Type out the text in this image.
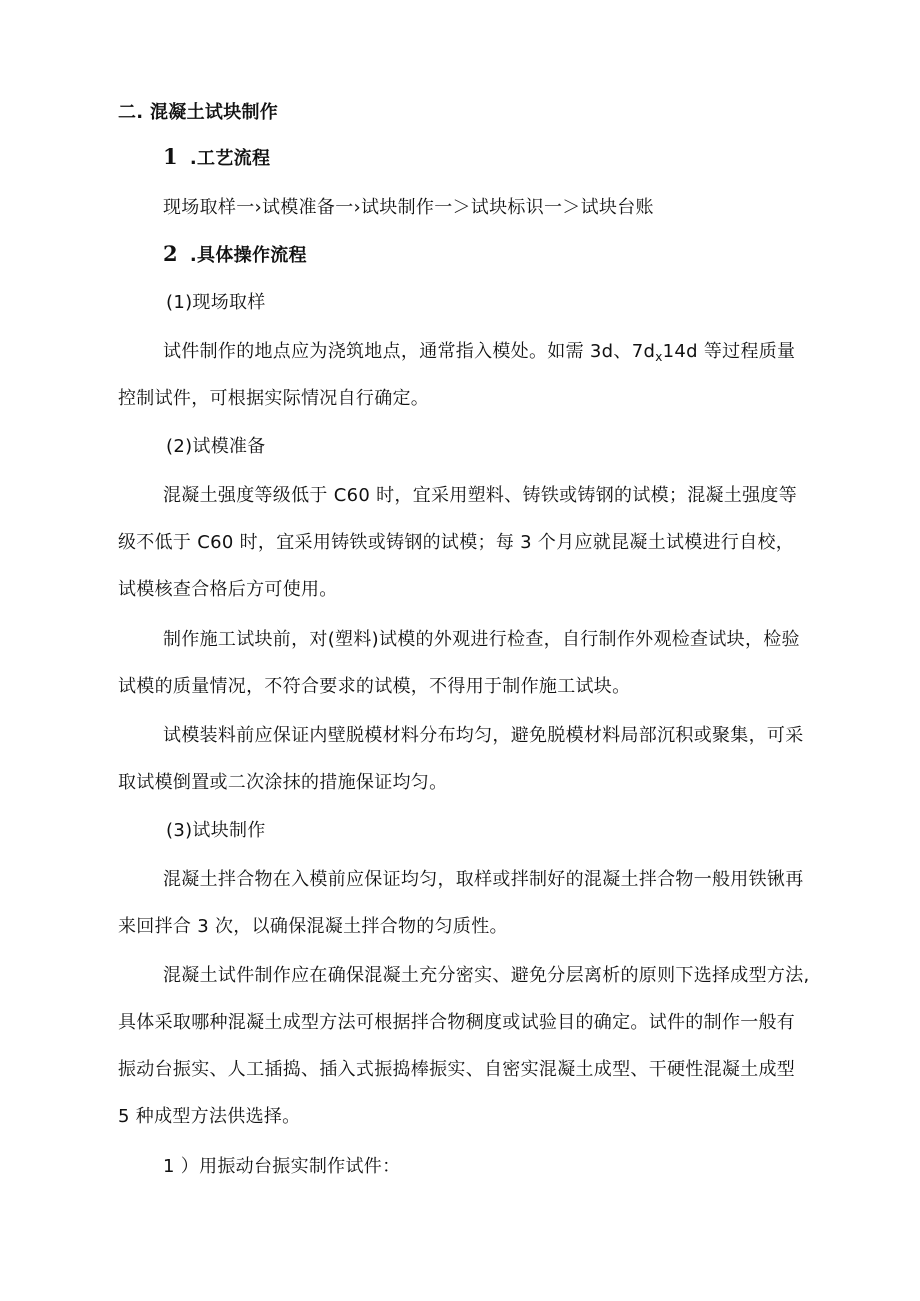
二. 混凝土试块制作
1 .工艺流程
现场取样一›试模准备一›试块制作一＞试块标识一＞试块台账
2 .具体操作流程
(1)现场取样
试件制作的地点应为浇筑地点，通常指入模处。如需 3d、$7d_x14d$ 等过程质量
控制试件，可根据实际情况自行确定。
(2)试模准备
混凝土强度等级低于 C60 时，宜采用塑料、铸铁或铸钢的试模；混凝土强度等
级不低于 C60 时，宜采用铸铁或铸钢的试模；每 3 个月应就昆凝土试模进行自校，
试模核查合格后方可使用。
制作施工试块前，对(塑料)试模的外观进行检查，自行制作外观检查试块，检验
试模的质量情况，不符合要求的试模，不得用于制作施工试块。
试模装料前应保证内壁脱模材料分布均匀，避免脱模材料局部沉积或聚集，可采
取试模倒置或二次涂抹的措施保证均匀。
(3)试块制作
混凝土拌合物在入模前应保证均匀，取样或拌制好的混凝土拌合物一般用铁锹再
来回拌合 3 次，以确保混凝土拌合物的匀质性。
混凝土试件制作应在确保混凝土充分密实、避免分层离析的原则下选择成型方法,
具体采取哪种混凝土成型方法可根据拌合物稠度或试验目的确定。试件的制作一般有
振动台振实、人工插捣、插入式振捣棒振实、自密实混凝土成型、干硬性混凝土成型
5 种成型方法供选择。
1 ）用振动台振实制作试件：
